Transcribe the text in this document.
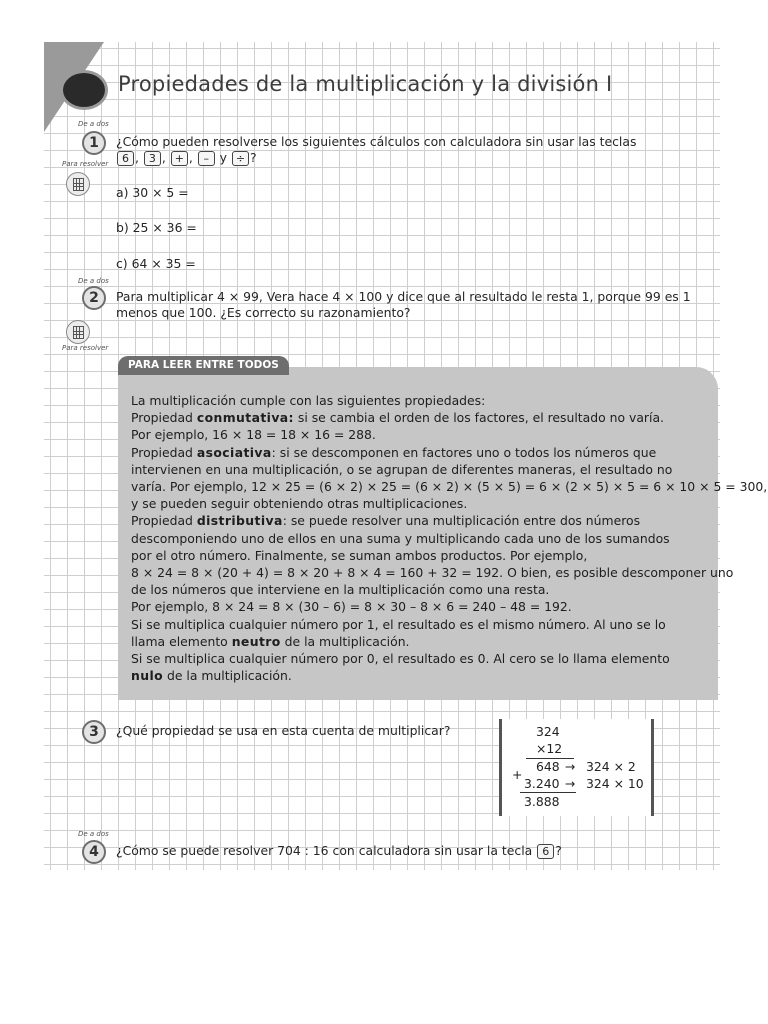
Propiedades de la multiplicación y la división I
De a dos
1
Para resolver
¿Cómo pueden resolverse los siguientes cálculos con calculadora sin usar las teclas
6 , 3 , + , – y ÷ ?
a) 30 × 5 =
b) 25 × 36 =
c) 64 × 35 =
De a dos
2
Para resolver
Para multiplicar 4 × 99, Vera hace 4 × 100 y dice que al resultado le resta 1, porque 99 es 1
menos que 100. ¿Es correcto su razonamiento?
PARA LEER ENTRE TODOS

La multiplicación cumple con las siguientes propiedades:

Propiedad conmutativa: si se cambia el orden de los factores, el resultado no varía.

Por ejemplo, 16 × 18 = 18 × 16 = 288.

Propiedad asociativa: si se descomponen en factores uno o todos los números que

intervienen en una multiplicación, o se agrupan de diferentes maneras, el resultado no

varía. Por ejemplo, 12 × 25 = (6 × 2) × 25 = (6 × 2) × (5 × 5) = 6 × (2 × 5) × 5 = 6 × 10 × 5 = 300,

y se pueden seguir obteniendo otras multiplicaciones.

Propiedad distributiva: se puede resolver una multiplicación entre dos números

descomponiendo uno de ellos en una suma y multiplicando cada uno de los sumandos

por el otro número. Finalmente, se suman ambos productos. Por ejemplo,

8 × 24 = 8 × (20 + 4) = 8 × 20 + 8 × 4 = 160 + 32 = 192. O bien, es posible descomponer uno

de los números que interviene en la multiplicación como una resta.

Por ejemplo, 8 × 24 = 8 × (30 – 6) = 8 × 30 – 8 × 6 = 240 – 48 = 192.

Si se multiplica cualquier número por 1, el resultado es el mismo número. Al uno se lo

llama elemento neutro de la multiplicación.

Si se multiplica cualquier número por 0, el resultado es 0. Al cero se lo llama elemento

nulo de la multiplicación.

3	¿Qué propiedad se usa en esta cuenta de multiplicar?	324
×12
648 → 324 × 2
+
3.240 → 324 × 10
3.888
De a dos
4	¿Cómo se puede resolver 704 : 16 con calculadora sin usar la tecla 6 ?
